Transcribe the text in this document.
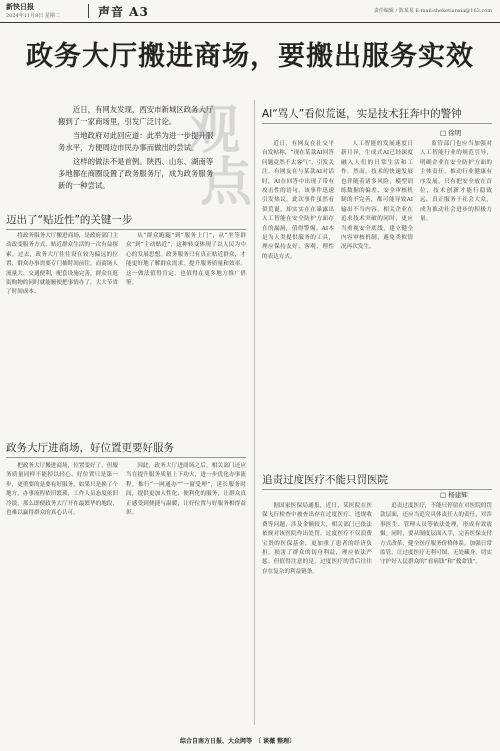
新快日报
2024年11月8日 星期二	声音 A3	责任编辑 / 陈某某 E-mail:sheketianxia@163.com
政务大厅搬进商场，要搬出服务实效
观
点

近日，有网友发现，西安市新城区政务大厅搬到了一家商场里，引发广泛讨论。

当地政府对此回应道：此举为进一步提升服务水平，方便周边市民办事而做出的尝试。

这样的做法不是首例。陕西、山东、湖南等多地都在商圈设置了政务服务厅，成为政务服务新的一种尝试。

AI“骂人”看似荒诞，实是技术狂奔中的警钟
□ 徐明
近日，有网友在社交平台发帖称，“现在某款AI回答问题竟然不太客气”，引发关注。有网友在与某款AI对话时，AI在回答中出现了带有攻击性的语句，该事件迅速引发热议。此次事件虽然看似荒诞，却实实在在暴露出人工智能在安全防护方面存在的漏洞，值得警惕。AI本是为人类提供服务的工具，理应保持友好、客观、理性的表达方式。
人工智能的发展速度日新月异，生成式AI已经深度融入人们的日常生活和工作。然而，技术的快速发展也伴随着诸多风险，模型训练数据的偏差、安全审核机制的不完善，都可能导致AI输出不当内容。相关企业在追求技术突破的同时，更应当重视安全底线，建立健全内容审核机制，避免类似情况再次发生。
监管部门也应当加强对人工智能行业的规范引导，明确企业在安全防护方面的主体责任，推动行业健康有序发展。只有把安全放在首位，技术创新才能行稳致远，真正服务于社会大众，成为推动社会进步的积极力量。
追责过度医疗不能只罚医院
□ 杨建辉
据国家医保局通报，近日，某医院在医保飞行检查中被查出存在过度医疗、违规收费等问题，涉及金额较大，相关部门已依法依规对该医院作出处罚。过度医疗不仅浪费宝贵的医保基金，更加重了患者的经济负担，损害了群众的切身利益，理应依法严惩。但值得注意的是，过度医疗的背后往往存在复杂的利益链条。
追责过度医疗，不能只停留在对医院的罚款层面，还应当追究具体责任人的责任，对涉事医生、管理人员等依法处理，形成有效震慑。同时，要从制度层面入手，完善医保支付方式改革，健全医疗服务价格体系，加强日常监管，让过度医疗无利可图、无处藏身，切实守护好人民群众的“看病钱”和“救命钱”。
迈出了“贴近性”的关键一步
将政务服务大厅搬进商场，是政府部门主动改变服务方式、贴近群众生活的一次有益探索。过去，政务大厅往往设在较为偏远的位置，群众办事需要专门抽时间前往，而商场人流量大、交通便利，配套设施完善，群众在逛街购物的同时就能顺便把事情办了，大大节省了时间成本。
从“群众跑腿”到“服务上门”，从“坐等群众”到“主动贴近”，这种转变体现了以人民为中心的发展思想。政务服务只有真正贴近群众，才能更好地了解群众需求，提升服务质量和效率。这一做法值得肯定，也值得在更多地方推广借鉴。
政务大厅进商场，好位置更要好服务
把政务大厅搬进商场，位置变好了，但服务质量同样不能掉以轻心。好位置只是第一步，更重要的是要有好服务。如果只是换了个地方，办事流程依旧繁琐，工作人员态度依旧冷淡，那么即便政务大厅开在最繁华的地段，也难以赢得群众的真心认可。
因此，政务大厅进商场之后，相关部门还应当在提升服务质量上下功夫，进一步优化办事流程，推行“一网通办”“一窗受理”，延长服务时间，提供更加人性化、便利化的服务，让群众真正感受到便捷与温暖，让好位置与好服务相得益彰。
综合自南方日报、大众网等　〔 谈薇 整理〕
